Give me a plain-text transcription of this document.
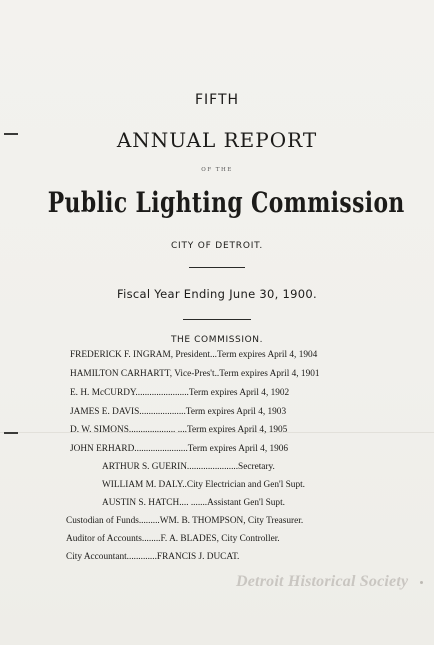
FIFTH
ANNUAL REPORT
OF THE
Public Lighting Commission
CITY OF DETROIT.
Fiscal Year Ending June 30, 1900.
THE COMMISSION.
FREDERICK F. INGRAM, President...Term expires April 4, 1904
HAMILTON CARHARTT, Vice-Pres't..Term expires April 4, 1901
E. H. McCURDY.......................Term expires April 4, 1902
JAMES E. DAVIS....................Term expires April 4, 1903
D. W. SIMONS.................... ....Term expires April 4, 1905
JOHN ERHARD.......................Term expires April 4, 1906
ARTHUR S. GUERIN......................Secretary.
WILLIAM M. DALY..City Electrician and Gen'l Supt.
AUSTIN S. HATCH.... .......Assistant Gen'l Supt.
Custodian of Funds.........WM. B. THOMPSON, City Treasurer.
Auditor of Accounts........F. A. BLADES, City Controller.
City Accountant.............FRANCIS J. DUCAT.
Detroit Historical Society
